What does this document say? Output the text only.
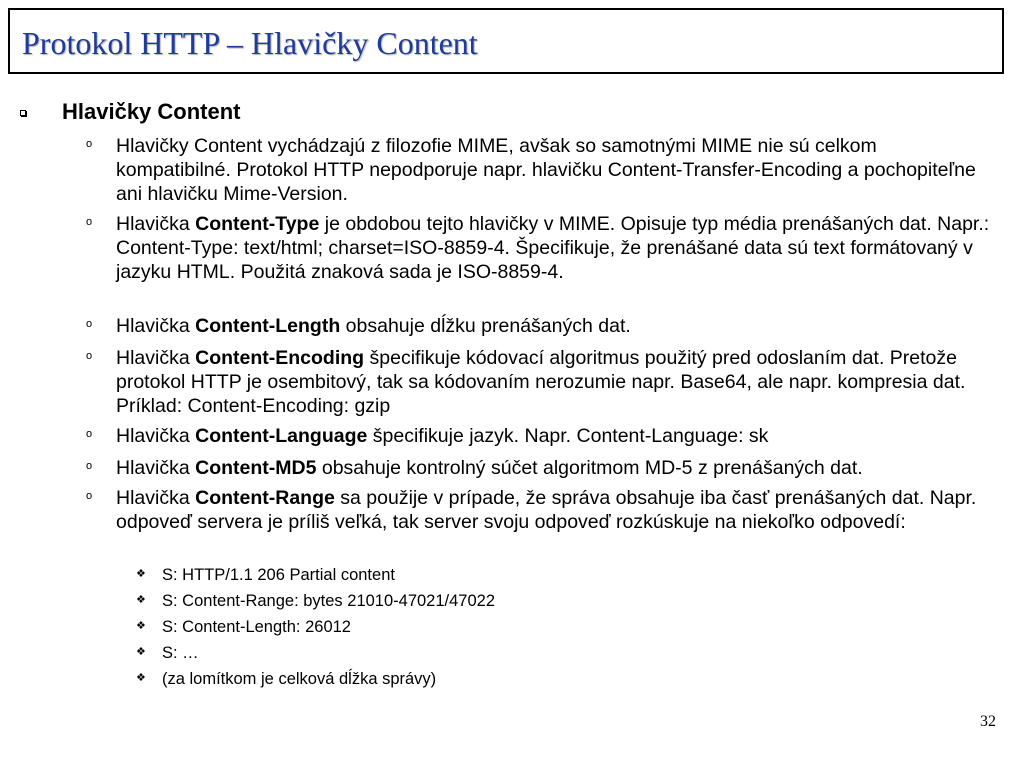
Protokol HTTP – Hlavičky Content
Hlavičky Content
o	Hlavičky Content vychádzajú z filozofie MIME, avšak so samotnými MIME nie sú celkom kompatibilné. Protokol HTTP nepodporuje napr. hlavičku Content-Transfer-Encoding a pochopiteľne ani hlavičku Mime-Version.
o	Hlavička Content-Type je obdobou tejto hlavičky v MIME. Opisuje typ média prenášaných dat. Napr.: Content-Type: text/html; charset=ISO-8859-4. Špecifikuje, že prenášané data sú text formátovaný v jazyku HTML. Použitá znaková sada je ISO-8859-4.
o	Hlavička Content-Length obsahuje dĺžku prenášaných dat.
o	Hlavička Content-Encoding špecifikuje kódovací algoritmus použitý pred odoslaním dat. Pretože protokol HTTP je osembitový, tak sa kódovaním nerozumie napr. Base64, ale napr. kompresia dat. Príklad: Content-Encoding: gzip
o	Hlavička Content-Language špecifikuje jazyk. Napr. Content-Language: sk
o	Hlavička Content-MD5 obsahuje kontrolný súčet algoritmom MD-5 z prenášaných dat.
o	Hlavička Content-Range sa použije v prípade, že správa obsahuje iba časť prenášaných dat. Napr. odpoveď servera je príliš veľká, tak server svoju odpoveď rozkúskuje na niekoľko odpovedí:
❖ S: HTTP/1.1 206 Partial content
❖ S: Content-Range: bytes 21010-47021/47022
❖ S: Content-Length: 26012
❖ S: …
❖ (za lomítkom je celková dĺžka správy)
32
